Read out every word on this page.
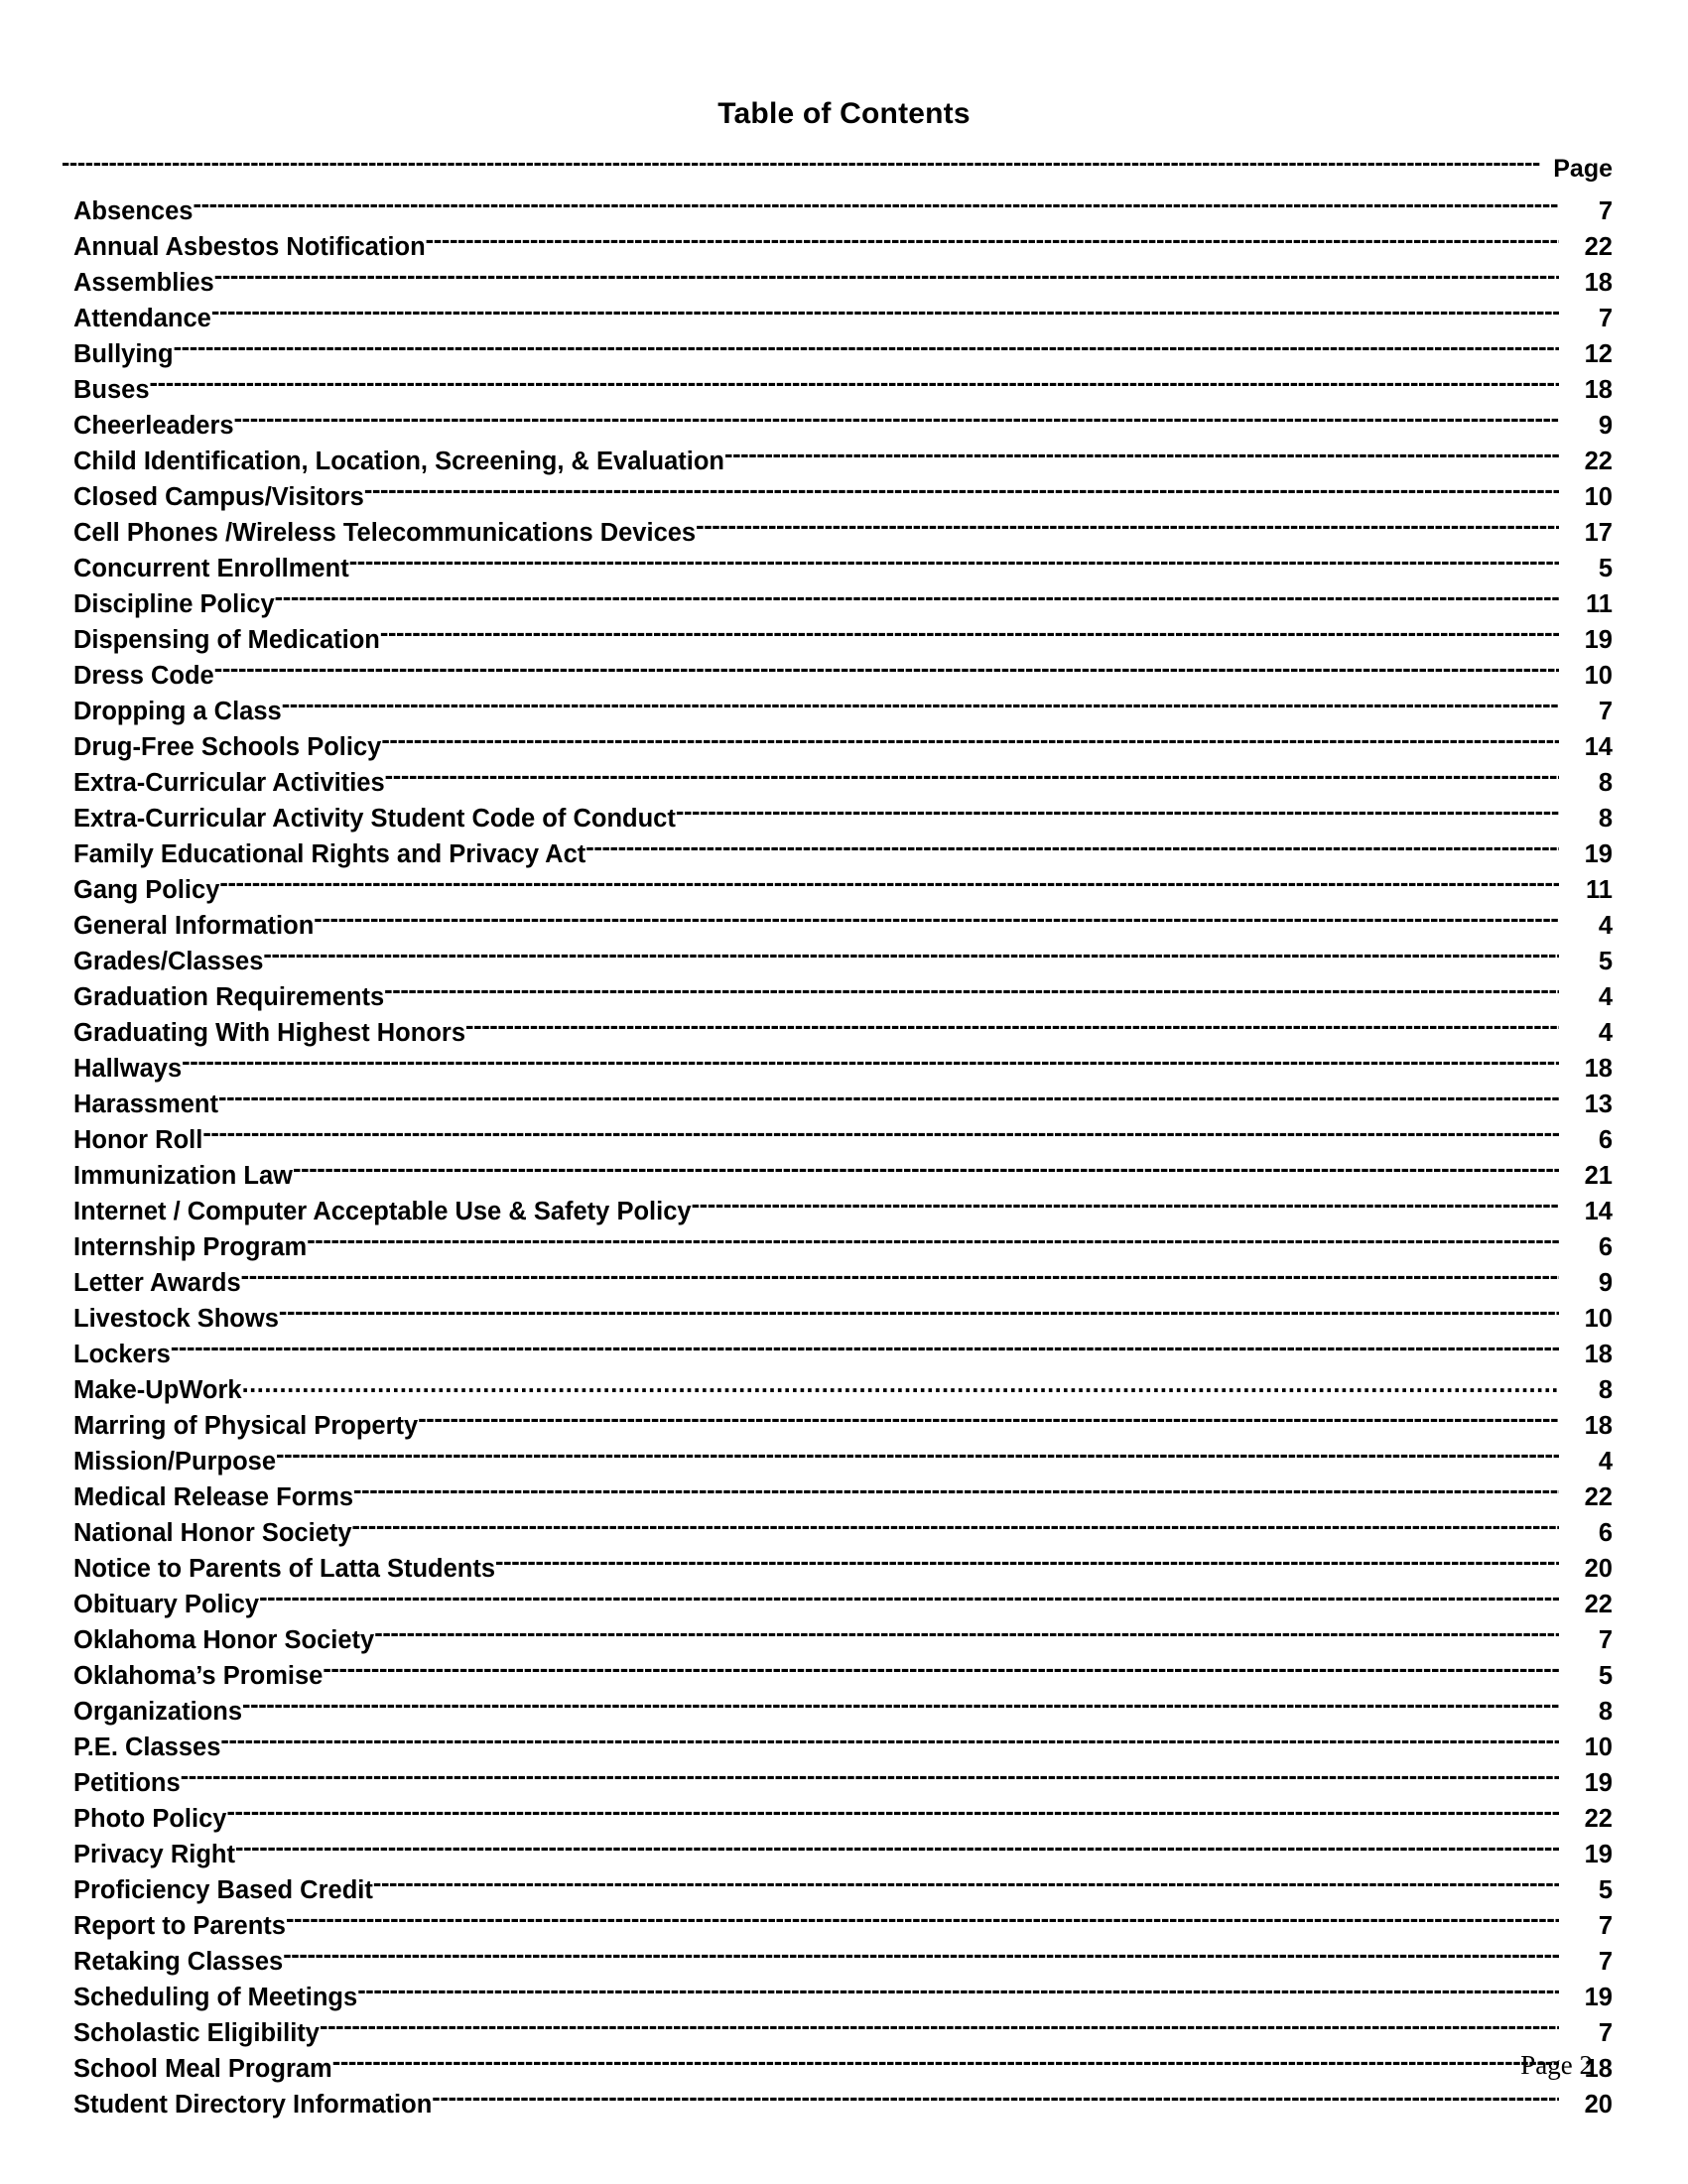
Table of Contents
-----
Page
Absences -----	7
Annual Asbestos Notification -----	22
Assemblies -----	18
Attendance -----	7
Bullying -----	12
Buses -----	18
Cheerleaders -----	9
Child Identification, Location, Screening, & Evaluation -----	22
Closed Campus/Visitors -----	10
Cell Phones /Wireless Telecommunications Devices -----	17
Concurrent Enrollment -----	5
Discipline Policy -----	11
Dispensing of Medication -----	19
Dress Code -----	10
Dropping a Class -----	7
Drug-Free Schools Policy -----	14
Extra-Curricular Activities -----	8
Extra-Curricular Activity Student Code of Conduct -----	8
Family Educational Rights and Privacy Act -----	19
Gang Policy -----	11
General Information -----	4
Grades/Classes -----	5
Graduation Requirements -----	4
Graduating With Highest Honors -----	4
Hallways -----	18
Harassment -----	13
Honor Roll -----	6
Immunization Law -----	21
Internet / Computer Acceptable Use & Safety Policy -----	14
Internship Program -----	6
Letter Awards -----	9
Livestock Shows -----	10
Lockers -----	18
Make-UpWork .....	8
Marring of Physical Property -----	18
Mission/Purpose -----	4
Medical Release Forms -----	22
National Honor Society -----	6
Notice to Parents of Latta Students -----	20
Obituary Policy -----	22
Oklahoma Honor Society -----	7
Oklahoma’s Promise -----	5
Organizations -----	8
P.E. Classes -----	10
Petitions -----	19
Photo Policy -----	22
Privacy Right -----	19
Proficiency Based Credit -----	5
Report to Parents -----	7
Retaking Classes -----	7
Scheduling of Meetings -----	19
Scholastic Eligibility -----	7
School Meal Program -----	18
Student Directory Information -----	20
Page 2
